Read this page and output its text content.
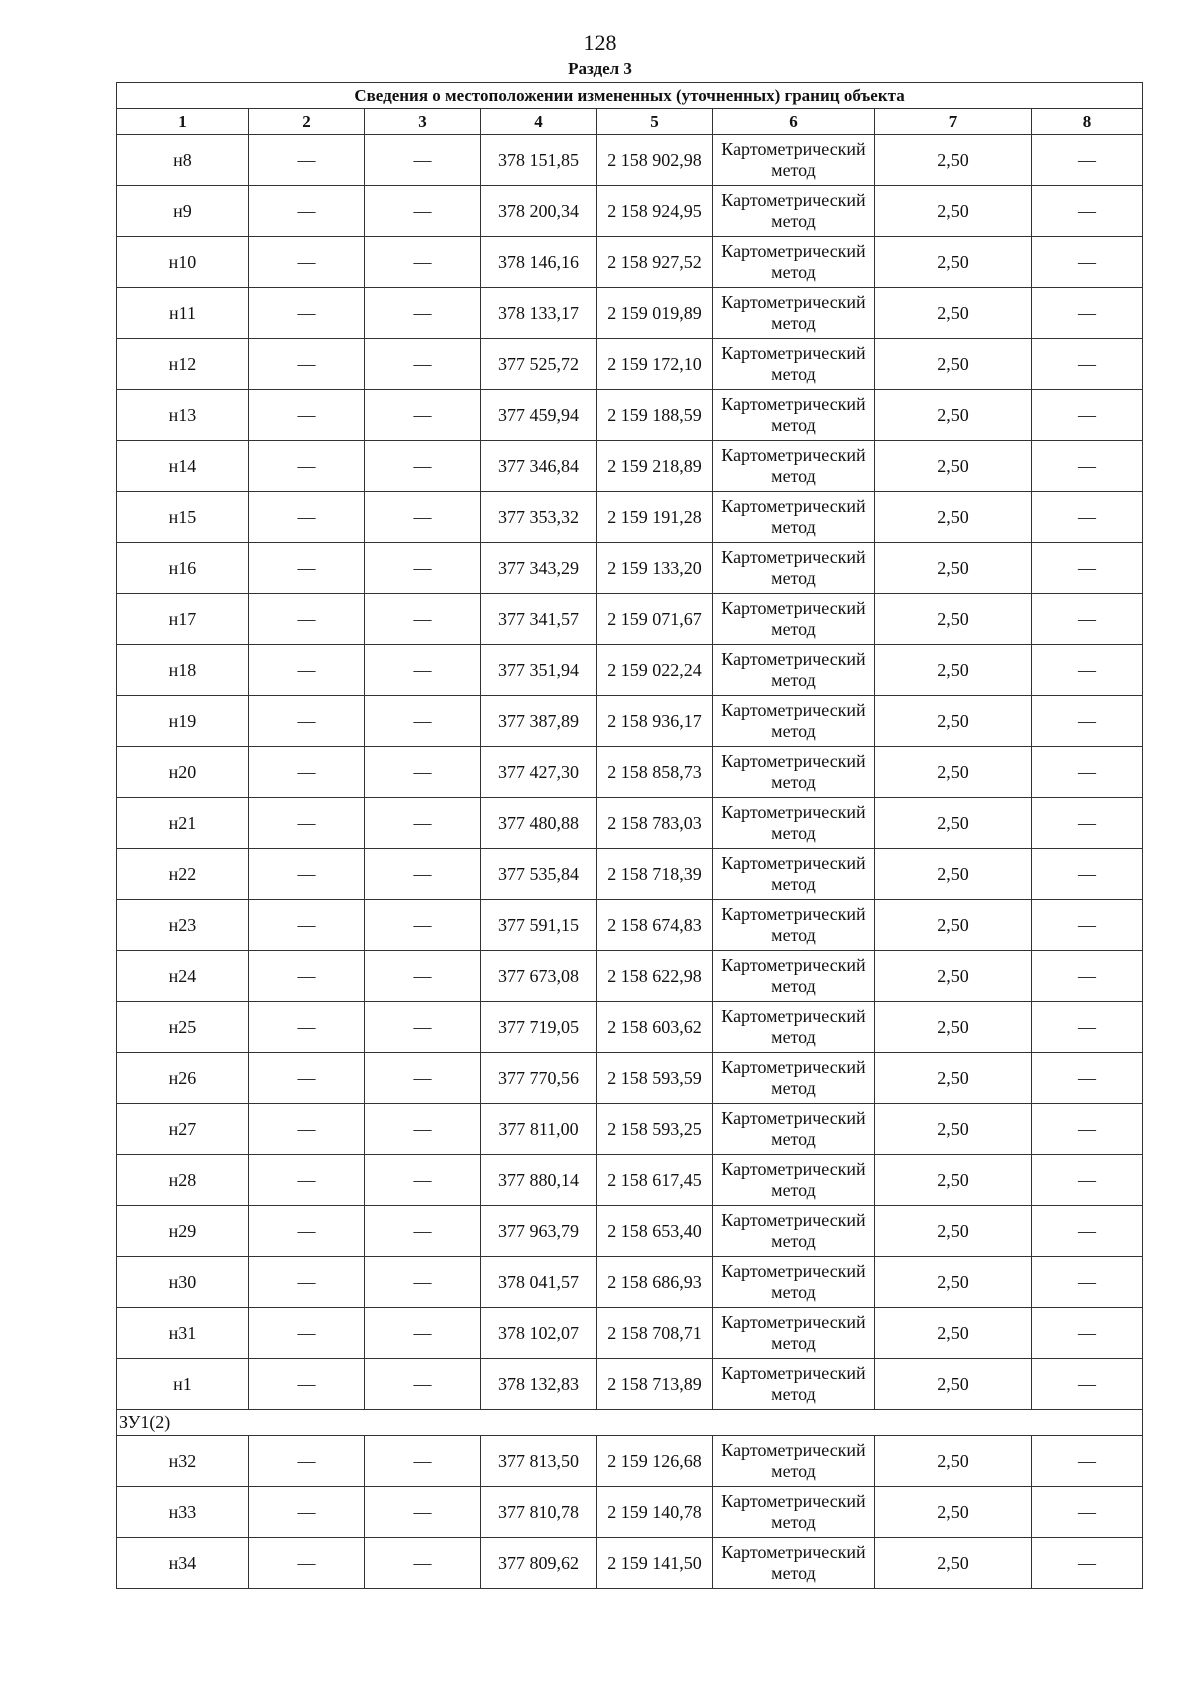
128
Раздел 3
Сведения о местоположении измененных (уточненных) границ объекта							
1	2	3	4	5	6	7	8
н8	—	—	378 151,85	2 158 902,98	Картометрический метод	2,50	—
н9	—	—	378 200,34	2 158 924,95	Картометрический метод	2,50	—
н10	—	—	378 146,16	2 158 927,52	Картометрический метод	2,50	—
н11	—	—	378 133,17	2 159 019,89	Картометрический метод	2,50	—
н12	—	—	377 525,72	2 159 172,10	Картометрический метод	2,50	—
н13	—	—	377 459,94	2 159 188,59	Картометрический метод	2,50	—
н14	—	—	377 346,84	2 159 218,89	Картометрический метод	2,50	—
н15	—	—	377 353,32	2 159 191,28	Картометрический метод	2,50	—
н16	—	—	377 343,29	2 159 133,20	Картометрический метод	2,50	—
н17	—	—	377 341,57	2 159 071,67	Картометрический метод	2,50	—
н18	—	—	377 351,94	2 159 022,24	Картометрический метод	2,50	—
н19	—	—	377 387,89	2 158 936,17	Картометрический метод	2,50	—
н20	—	—	377 427,30	2 158 858,73	Картометрический метод	2,50	—
н21	—	—	377 480,88	2 158 783,03	Картометрический метод	2,50	—
н22	—	—	377 535,84	2 158 718,39	Картометрический метод	2,50	—
н23	—	—	377 591,15	2 158 674,83	Картометрический метод	2,50	—
н24	—	—	377 673,08	2 158 622,98	Картометрический метод	2,50	—
н25	—	—	377 719,05	2 158 603,62	Картометрический метод	2,50	—
н26	—	—	377 770,56	2 158 593,59	Картометрический метод	2,50	—
н27	—	—	377 811,00	2 158 593,25	Картометрический метод	2,50	—
н28	—	—	377 880,14	2 158 617,45	Картометрический метод	2,50	—
н29	—	—	377 963,79	2 158 653,40	Картометрический метод	2,50	—
н30	—	—	378 041,57	2 158 686,93	Картометрический метод	2,50	—
н31	—	—	378 102,07	2 158 708,71	Картометрический метод	2,50	—
н1	—	—	378 132,83	2 158 713,89	Картометрический метод	2,50	—
ЗУ1(2)							
н32	—	—	377 813,50	2 159 126,68	Картометрический метод	2,50	—
н33	—	—	377 810,78	2 159 140,78	Картометрический метод	2,50	—
н34	—	—	377 809,62	2 159 141,50	Картометрический метод	2,50	—
